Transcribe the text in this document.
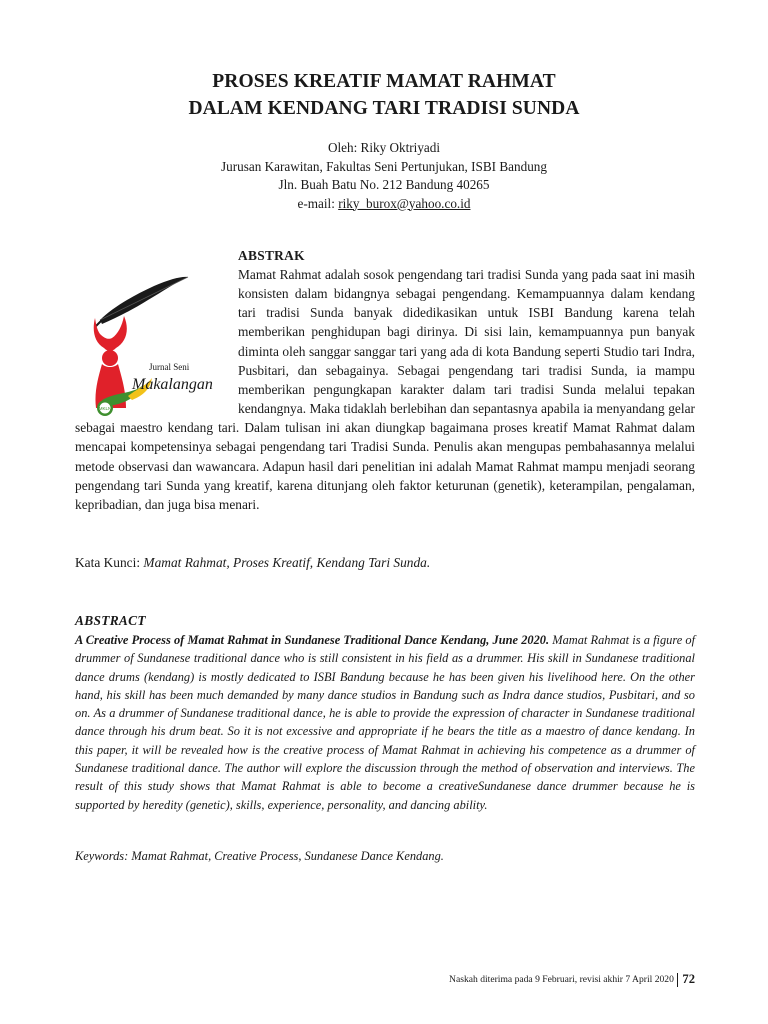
PROSES KREATIF MAMAT RAHMAT
DALAM KENDANG TARI TRADISI SUNDA
Oleh: Riky Oktriyadi
Jurusan Karawitan, Fakultas Seni Pertunjukan, ISBI Bandung
Jln. Buah Batu No. 212 Bandung 40265
e-mail: riky_burox@yahoo.co.id
MKLN
Jurnal Seni
Makalangan
ABSTRAK
Mamat Rahmat adalah sosok pengendang tari tradisi Sunda yang pada saat ini masih konsisten dalam bidangnya sebagai pengendang. Kemampuannya dalam kendang tari tradisi Sunda banyak didedikasikan untuk ISBI Bandung karena telah memberikan penghidupan bagi dirinya. Di sisi lain, kemampuannya pun banyak diminta oleh sanggar sanggar tari yang ada di kota Bandung seperti Studio tari Indra, Pusbitari, dan sebagainya. Sebagai pengendang tari tradisi Sunda, ia mampu memberikan pengungkapan karakter dalam tari tradisi Sunda melalui tepakan kendangnya. Maka tidaklah berlebihan dan sepantasnya apabila ia menyandang gelar sebagai maestro kendang tari. Dalam tulisan ini akan diungkap bagaimana proses kreatif Mamat Rahmat dalam mencapai kompetensinya sebagai pengendang tari Tradisi Sunda. Penulis akan mengupas pembahasannya melalui metode observasi dan wawancara. Adapun hasil dari penelitian ini adalah Mamat Rahmat mampu menjadi seorang pengendang tari Sunda yang kreatif, karena ditunjang oleh faktor keturunan (genetik), keterampilan, pengalaman, kepribadian, dan juga bisa menari.
Kata Kunci: Mamat Rahmat, Proses Kreatif, Kendang Tari Sunda.
ABSTRACT
A Creative Process of Mamat Rahmat in Sundanese Traditional Dance Kendang, June 2020. Mamat Rahmat is a figure of drummer of Sundanese traditional dance who is still consistent in his field as a drummer. His skill in Sundanese traditional dance drums (kendang) is mostly dedicated to ISBI Bandung because he has been given his livelihood here. On the other hand, his skill has been much demanded by many dance studios in Bandung such as Indra dance studios, Pusbitari, and so on. As a drummer of Sundanese traditional dance, he is able to provide the expression of character in Sundanese traditional dance through his drum beat. So it is not excessive and appropriate if he bears the title as a maestro of dance kendang. In this paper, it will be revealed how is the creative process of Mamat Rahmat in achieving his competence as a drummer of Sundanese traditional dance. The author will explore the discussion through the method of observation and interviews. The result of this study shows that Mamat Rahmat is able to become a creativeSundanese dance drummer because he is supported by heredity (genetic), skills, experience, personality, and dancing ability.
Keywords: Mamat Rahmat, Creative Process, Sundanese Dance Kendang.
Naskah diterima pada 9 Februari, revisi akhir 7 April 2020 72
